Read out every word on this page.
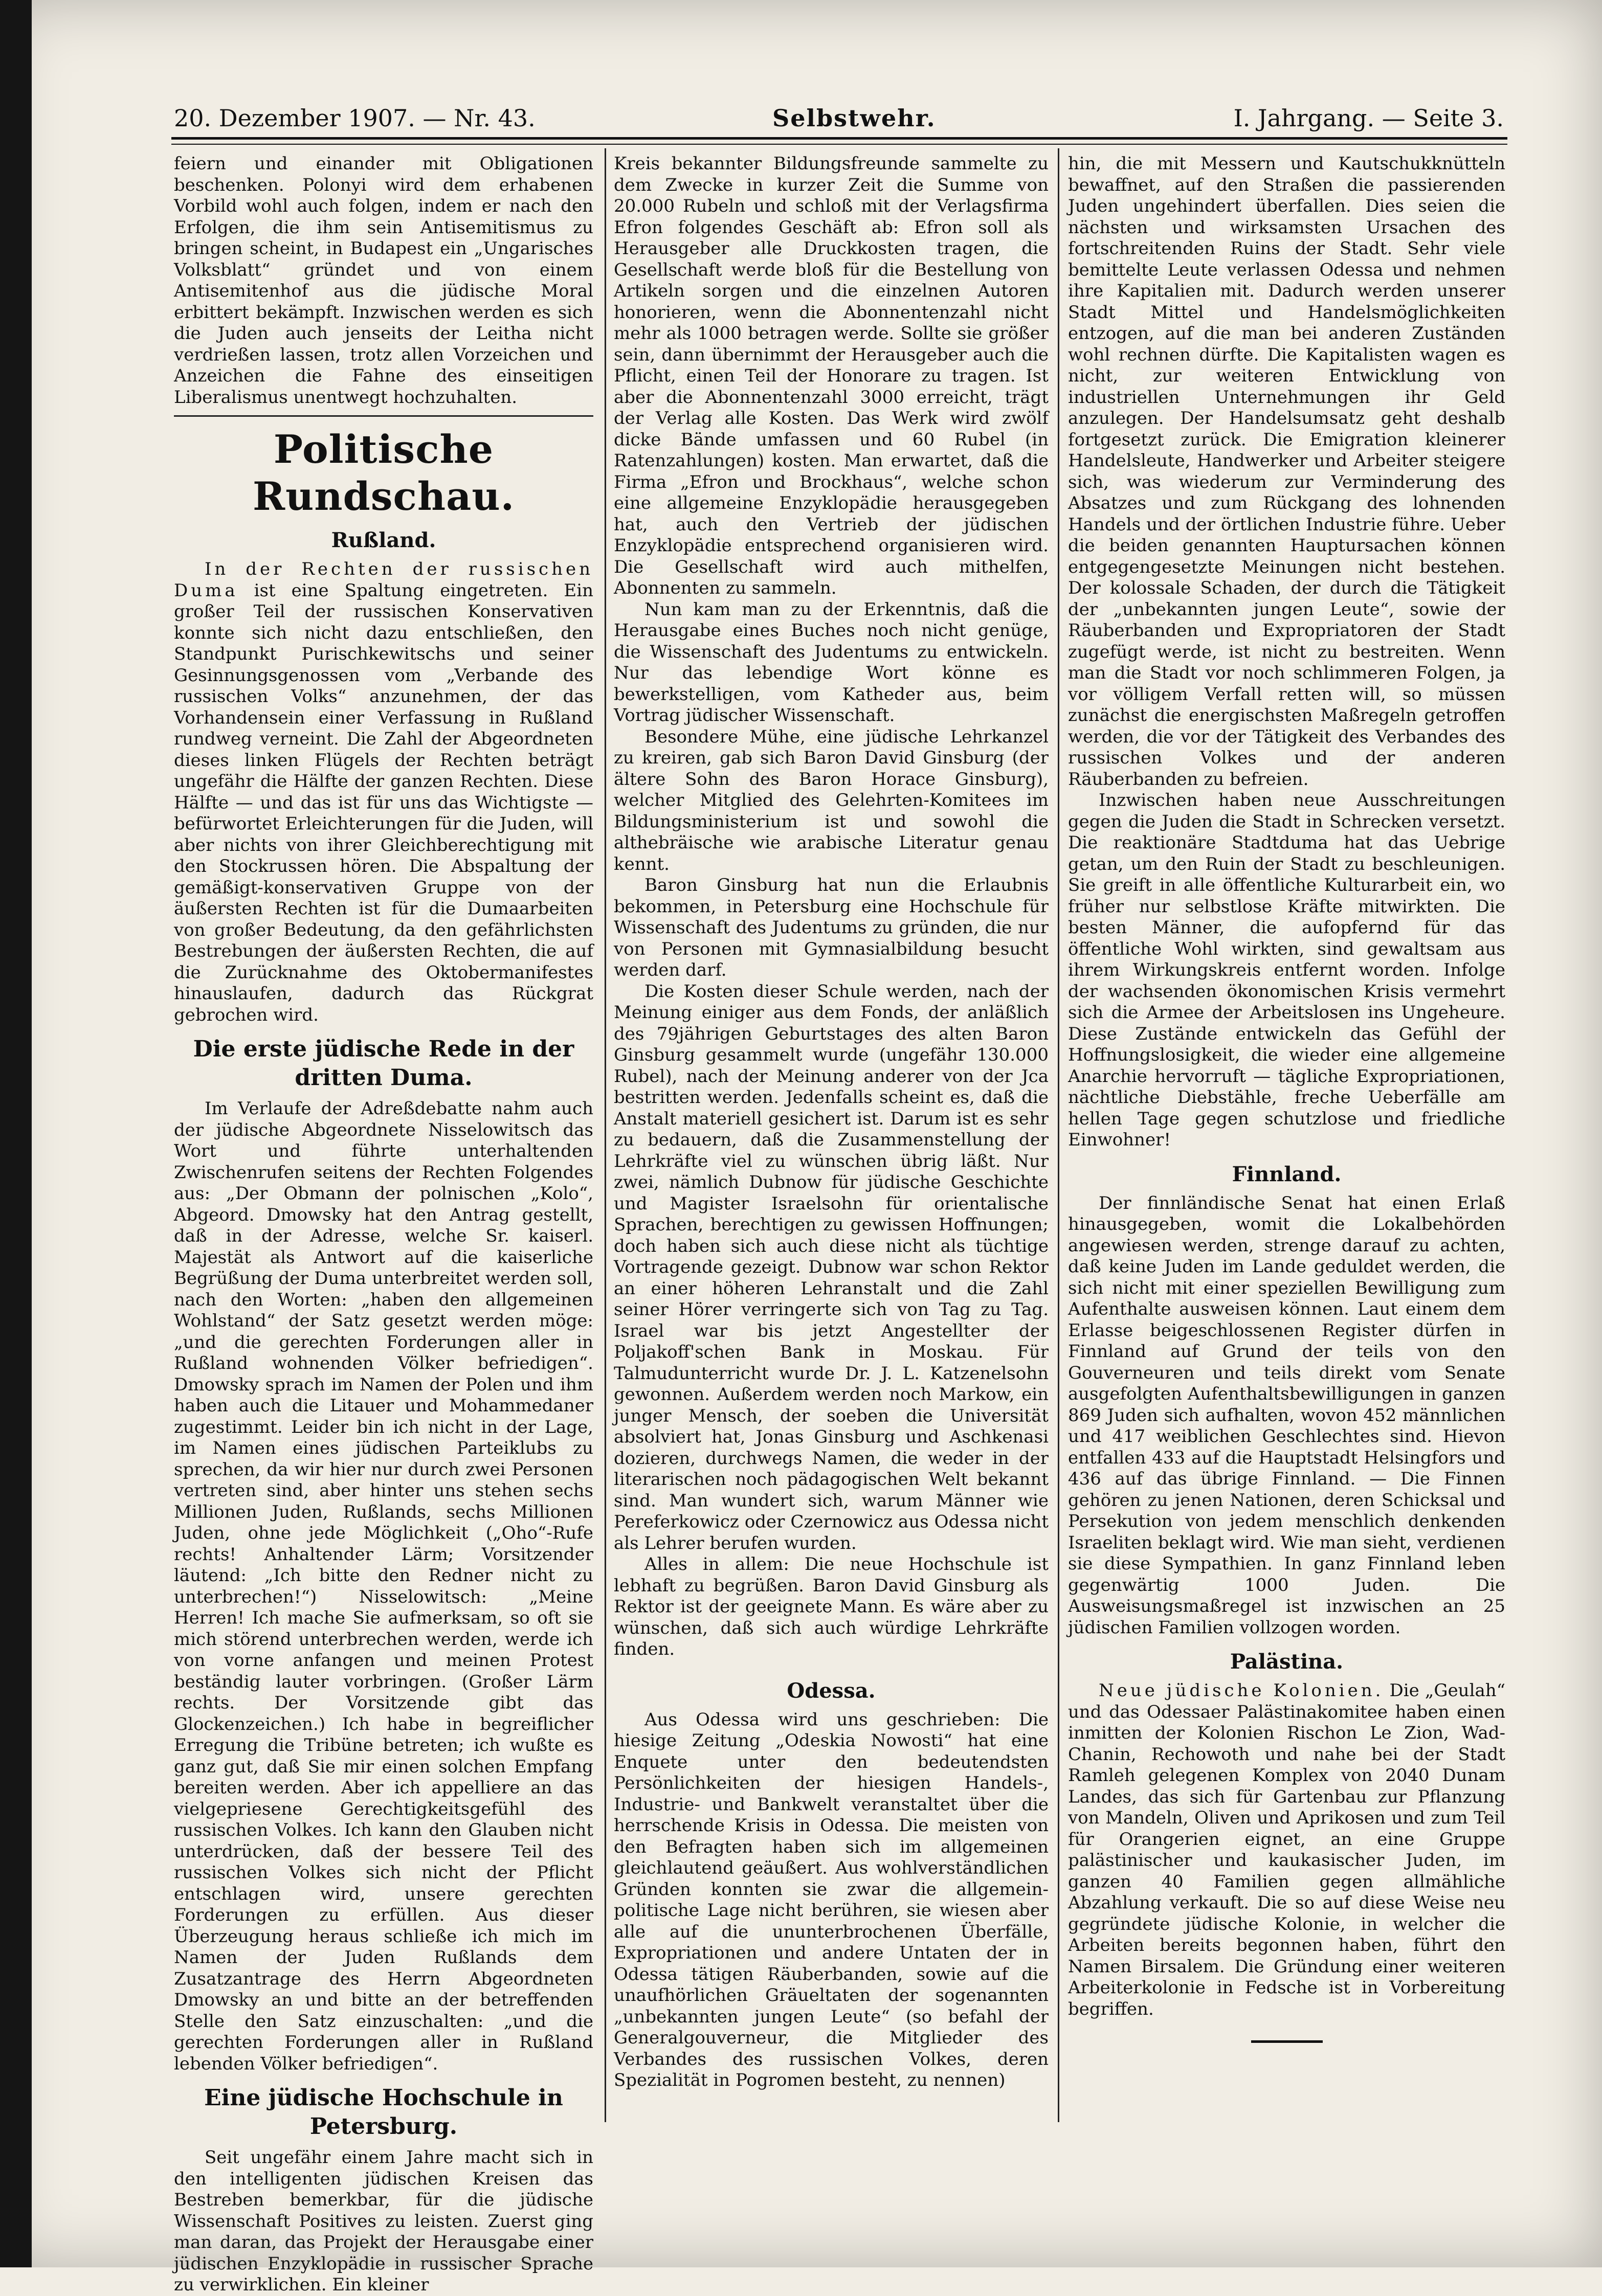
20. Dezember 1907. — Nr. 43.	Selbstwehr.	I. Jahrgang. — Seite 3.

feiern und einander mit Obligationen beschenken. Polonyi wird dem erhabenen Vorbild wohl auch folgen, indem er nach den Erfolgen, die ihm sein Antisemitismus zu bringen scheint, in Budapest ein „Ungarisches Volksblatt“ gründet und von einem Antisemitenhof aus die jüdische Moral erbittert bekämpft. Inzwischen werden es sich die Juden auch jenseits der Leitha nicht verdrießen lassen, trotz allen Vorzeichen und Anzeichen die Fahne des einseitigen Liberalismus unentwegt hochzuhalten.

Politische Rundschau.
Rußland.

In der Rechten der russischen Duma ist eine Spaltung eingetreten. Ein großer Teil der russischen Konservativen konnte sich nicht dazu entschließen, den Standpunkt Purischkewitschs und seiner Gesinnungsgenossen vom „Verbande des russischen Volks“ anzunehmen, der das Vorhandensein einer Verfassung in Rußland rundweg verneint. Die Zahl der Abgeordneten dieses linken Flügels der Rechten beträgt ungefähr die Hälfte der ganzen Rechten. Diese Hälfte — und das ist für uns das Wichtigste — befürwortet Erleichterungen für die Juden, will aber nichts von ihrer Gleichberechtigung mit den Stockrussen hören. Die Abspaltung der gemäßigt-konservativen Gruppe von der äußersten Rechten ist für die Dumaarbeiten von großer Bedeutung, da den gefährlichsten Bestrebungen der äußersten Rechten, die auf die Zurücknahme des Oktobermanifestes hinauslaufen, dadurch das Rückgrat gebrochen wird.

Die erste jüdische Rede in der dritten Duma.

Im Verlaufe der Adreßdebatte nahm auch der jüdische Abgeordnete Nisselowitsch das Wort und führte unterhaltenden Zwischenrufen seitens der Rechten Folgendes aus: „Der Obmann der polnischen „Kolo“, Abgeord. Dmowsky hat den Antrag gestellt, daß in der Adresse, welche Sr. kaiserl. Majestät als Antwort auf die kaiserliche Begrüßung der Duma unterbreitet werden soll, nach den Worten: „haben den allgemeinen Wohlstand“ der Satz gesetzt werden möge: „und die gerechten Forderungen aller in Rußland wohnenden Völker befriedigen“. Dmowsky sprach im Namen der Polen und ihm haben auch die Litauer und Mohammedaner zugestimmt. Leider bin ich nicht in der Lage, im Namen eines jüdischen Parteiklubs zu sprechen, da wir hier nur durch zwei Personen vertreten sind, aber hinter uns stehen sechs Millionen Juden, Rußlands, sechs Millionen Juden, ohne jede Möglichkeit („Oho“-Rufe rechts! Anhaltender Lärm; Vorsitzender läutend: „Ich bitte den Redner nicht zu unterbrechen!“) Nisselowitsch: „Meine Herren! Ich mache Sie aufmerksam, so oft sie mich störend unterbrechen werden, werde ich von vorne anfangen und meinen Protest beständig lauter vorbringen. (Großer Lärm rechts. Der Vorsitzende gibt das Glockenzeichen.) Ich habe in begreiflicher Erregung die Tribüne betreten; ich wußte es ganz gut, daß Sie mir einen solchen Empfang bereiten werden. Aber ich appelliere an das vielgepriesene Gerechtigkeitsgefühl des russischen Volkes. Ich kann den Glauben nicht unterdrücken, daß der bessere Teil des russischen Volkes sich nicht der Pflicht entschlagen wird, unsere gerechten Forderungen zu erfüllen. Aus dieser Überzeugung heraus schließe ich mich im Namen der Juden Rußlands dem Zusatzantrage des Herrn Abgeordneten Dmowsky an und bitte an der betreffenden Stelle den Satz einzuschalten: „und die gerechten Forderungen aller in Rußland lebenden Völker befriedigen“.

Eine jüdische Hochschule in Petersburg.

Seit ungefähr einem Jahre macht sich in den intelligenten jüdischen Kreisen das Bestreben bemerkbar, für die jüdische Wissenschaft Positives zu leisten. Zuerst ging man daran, das Projekt der Herausgabe einer jüdischen Enzyklopädie in russischer Sprache zu verwirklichen. Ein kleiner

Kreis bekannter Bildungsfreunde sammelte zu dem Zwecke in kurzer Zeit die Summe von 20.000 Rubeln und schloß mit der Verlagsfirma Efron folgendes Geschäft ab: Efron soll als Herausgeber alle Druckkosten tragen, die Gesellschaft werde bloß für die Bestellung von Artikeln sorgen und die einzelnen Autoren honorieren, wenn die Abonnentenzahl nicht mehr als 1000 betragen werde. Sollte sie größer sein, dann übernimmt der Herausgeber auch die Pflicht, einen Teil der Honorare zu tragen. Ist aber die Abonnentenzahl 3000 erreicht, trägt der Verlag alle Kosten. Das Werk wird zwölf dicke Bände umfassen und 60 Rubel (in Ratenzahlungen) kosten. Man erwartet, daß die Firma „Efron und Brockhaus“, welche schon eine allgemeine Enzyklopädie herausgegeben hat, auch den Vertrieb der jüdischen Enzyklopädie entsprechend organisieren wird. Die Gesellschaft wird auch mithelfen, Abonnenten zu sammeln.

Nun kam man zu der Erkenntnis, daß die Herausgabe eines Buches noch nicht genüge, die Wissenschaft des Judentums zu entwickeln. Nur das lebendige Wort könne es bewerkstelligen, vom Katheder aus, beim Vortrag jüdischer Wissenschaft.

Besondere Mühe, eine jüdische Lehrkanzel zu kreiren, gab sich Baron David Ginsburg (der ältere Sohn des Baron Horace Ginsburg), welcher Mitglied des Gelehrten-Komitees im Bildungsministerium ist und sowohl die althebräische wie arabische Literatur genau kennt.

Baron Ginsburg hat nun die Erlaubnis bekommen, in Petersburg eine Hochschule für Wissenschaft des Judentums zu gründen, die nur von Personen mit Gymnasialbildung besucht werden darf.

Die Kosten dieser Schule werden, nach der Meinung einiger aus dem Fonds, der anläßlich des 79jährigen Geburtstages des alten Baron Ginsburg gesammelt wurde (ungefähr 130.000 Rubel), nach der Meinung anderer von der Jca bestritten werden. Jedenfalls scheint es, daß die Anstalt materiell gesichert ist. Darum ist es sehr zu bedauern, daß die Zusammenstellung der Lehrkräfte viel zu wünschen übrig läßt. Nur zwei, nämlich Dubnow für jüdische Geschichte und Magister Israelsohn für orientalische Sprachen, berechtigen zu gewissen Hoffnungen; doch haben sich auch diese nicht als tüchtige Vortragende gezeigt. Dubnow war schon Rektor an einer höheren Lehranstalt und die Zahl seiner Hörer verringerte sich von Tag zu Tag. Israel war bis jetzt Angestellter der Poljakoff'schen Bank in Moskau. Für Talmudunterricht wurde Dr. J. L. Katzenelsohn gewonnen. Außerdem werden noch Markow, ein junger Mensch, der soeben die Universität absolviert hat, Jonas Ginsburg und Aschkenasi dozieren, durchwegs Namen, die weder in der literarischen noch pädagogischen Welt bekannt sind. Man wundert sich, warum Männer wie Pereferkowicz oder Czernowicz aus Odessa nicht als Lehrer berufen wurden.

Alles in allem: Die neue Hochschule ist lebhaft zu begrüßen. Baron David Ginsburg als Rektor ist der geeignete Mann. Es wäre aber zu wünschen, daß sich auch würdige Lehrkräfte finden.

Odessa.

Aus Odessa wird uns geschrieben: Die hiesige Zeitung „Odeskia Nowosti“ hat eine Enquete unter den bedeutendsten Persönlichkeiten der hiesigen Handels-, Industrie- und Bankwelt veranstaltet über die herrschende Krisis in Odessa. Die meisten von den Befragten haben sich im allgemeinen gleichlautend geäußert. Aus wohlverständlichen Gründen konnten sie zwar die allgemein-politische Lage nicht berühren, sie wiesen aber alle auf die ununterbrochenen Überfälle, Expropriationen und andere Untaten der in Odessa tätigen Räuberbanden, sowie auf die unaufhörlichen Gräueltaten der sogenannten „unbekannten jungen Leute“ (so befahl der Generalgouverneur, die Mitglieder des Verbandes des russischen Volkes, deren Spezialität in Pogromen besteht, zu nennen)

hin, die mit Messern und Kautschukknütteln bewaffnet, auf den Straßen die passierenden Juden ungehindert überfallen. Dies seien die nächsten und wirksamsten Ursachen des fortschreitenden Ruins der Stadt. Sehr viele bemittelte Leute verlassen Odessa und nehmen ihre Kapitalien mit. Dadurch werden unserer Stadt Mittel und Handelsmöglichkeiten entzogen, auf die man bei anderen Zuständen wohl rechnen dürfte. Die Kapitalisten wagen es nicht, zur weiteren Entwicklung von industriellen Unternehmungen ihr Geld anzulegen. Der Handelsumsatz geht deshalb fortgesetzt zurück. Die Emigration kleinerer Handelsleute, Handwerker und Arbeiter steigere sich, was wiederum zur Verminderung des Absatzes und zum Rückgang des lohnenden Handels und der örtlichen Industrie führe. Ueber die beiden genannten Hauptursachen können entgegengesetzte Meinungen nicht bestehen. Der kolossale Schaden, der durch die Tätigkeit der „unbekannten jungen Leute“, sowie der Räuberbanden und Expropriatoren der Stadt zugefügt werde, ist nicht zu bestreiten. Wenn man die Stadt vor noch schlimmeren Folgen, ja vor völligem Verfall retten will, so müssen zunächst die energischsten Maßregeln getroffen werden, die vor der Tätigkeit des Verbandes des russischen Volkes und der anderen Räuberbanden zu befreien.

Inzwischen haben neue Ausschreitungen gegen die Juden die Stadt in Schrecken versetzt. Die reaktionäre Stadtduma hat das Uebrige getan, um den Ruin der Stadt zu beschleunigen. Sie greift in alle öffentliche Kulturarbeit ein, wo früher nur selbstlose Kräfte mitwirkten. Die besten Männer, die aufopfernd für das öffentliche Wohl wirkten, sind gewaltsam aus ihrem Wirkungskreis entfernt worden. Infolge der wachsenden ökonomischen Krisis vermehrt sich die Armee der Arbeitslosen ins Ungeheure. Diese Zustände entwickeln das Gefühl der Hoffnungslosigkeit, die wieder eine allgemeine Anarchie hervorruft — tägliche Expropriationen, nächtliche Diebstähle, freche Ueberfälle am hellen Tage gegen schutzlose und friedliche Einwohner!

Finnland.

Der finnländische Senat hat einen Erlaß hinausgegeben, womit die Lokalbehörden angewiesen werden, strenge darauf zu achten, daß keine Juden im Lande geduldet werden, die sich nicht mit einer speziellen Bewilligung zum Aufenthalte ausweisen können. Laut einem dem Erlasse beigeschlossenen Register dürfen in Finnland auf Grund der teils von den Gouverneuren und teils direkt vom Senate ausgefolgten Aufenthaltsbewilligungen in ganzen 869 Juden sich aufhalten, wovon 452 männlichen und 417 weiblichen Geschlechtes sind. Hievon entfallen 433 auf die Hauptstadt Helsingfors und 436 auf das übrige Finnland. — Die Finnen gehören zu jenen Nationen, deren Schicksal und Persekution von jedem menschlich denkenden Israeliten beklagt wird. Wie man sieht, verdienen sie diese Sympathien. In ganz Finnland leben gegenwärtig 1000 Juden. Die Ausweisungsmaßregel ist inzwischen an 25 jüdischen Familien vollzogen worden.

Palästina.

Neue jüdische Kolonien. Die „Geulah“ und das Odessaer Palästinakomitee haben einen inmitten der Kolonien Rischon Le Zion, Wad-Chanin, Rechowoth und nahe bei der Stadt Ramleh gelegenen Komplex von 2040 Dunam Landes, das sich für Gartenbau zur Pflanzung von Mandeln, Oliven und Aprikosen und zum Teil für Orangerien eignet, an eine Gruppe palästinischer und kaukasischer Juden, im ganzen 40 Familien gegen allmähliche Abzahlung verkauft. Die so auf diese Weise neu gegründete jüdische Kolonie, in welcher die Arbeiten bereits begonnen haben, führt den Namen Birsalem. Die Gründung einer weiteren Arbeiterkolonie in Fedsche ist in Vorbereitung begriffen.
